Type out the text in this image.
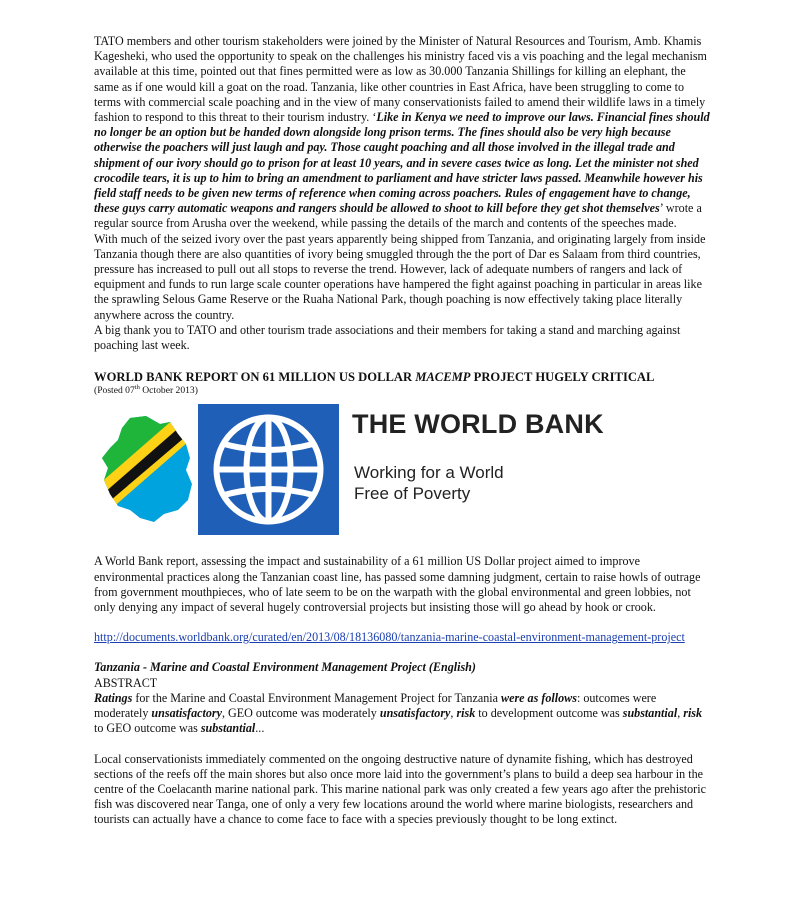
TATO members and other tourism stakeholders were joined by the Minister of Natural Resources and Tourism, Amb. Khamis Kagesheki, who used the opportunity to speak on the challenges his ministry faced vis a vis poaching and the legal mechanism available at this time, pointed out that fines permitted were as low as 30.000 Tanzania Shillings for killing an elephant, the same as if one would kill a goat on the road. Tanzania, like other countries in East Africa, have been struggling to come to terms with commercial scale poaching and in the view of many conservationists failed to amend their wildlife laws in a timely fashion to respond to this threat to their tourism industry. ‘Like in Kenya we need to improve our laws. Financial fines should no longer be an option but be handed down alongside long prison terms. The fines should also be very high because otherwise the poachers will just laugh and pay. Those caught poaching and all those involved in the illegal trade and shipment of our ivory should go to prison for at least 10 years, and in severe cases twice as long. Let the minister not shed crocodile tears, it is up to him to bring an amendment to parliament and have stricter laws passed. Meanwhile however his field staff needs to be given new terms of reference when coming across poachers. Rules of engagement have to change, these guys carry automatic weapons and rangers should be allowed to shoot to kill before they get shot themselves’ wrote a regular source from Arusha over the weekend, while passing the details of the march and contents of the speeches made.

With much of the seized ivory over the past years apparently being shipped from Tanzania, and originating largely from inside Tanzania though there are also quantities of ivory being smuggled through the the port of Dar es Salaam from third countries, pressure has increased to pull out all stops to reverse the trend. However, lack of adequate numbers of rangers and lack of equipment and funds to run large scale counter operations have hampered the fight against poaching in particular in areas like the sprawling Selous Game Reserve or the Ruaha National Park, though poaching is now effectively taking place literally anywhere across the country.

A big thank you to TATO and other tourism trade associations and their members for taking a stand and marching against poaching last week.

WORLD BANK REPORT ON 61 MILLION US DOLLAR MACEMP PROJECT HUGELY CRITICAL

(Posted 07th October 2013)

THE WORLD BANK
Working for a World
Free of Poverty

A World Bank report, assessing the impact and sustainability of a 61 million US Dollar project aimed to improve environmental practices along the Tanzanian coast line, has passed some damning judgment, certain to raise howls of outrage from government mouthpieces, who of late seem to be on the warpath with the global environmental and green lobbies, not only denying any impact of several hugely controversial projects but insisting those will go ahead by hook or crook.

http://documents.worldbank.org/curated/en/2013/08/18136080/tanzania-marine-coastal-environment-management-project

Tanzania - Marine and Coastal Environment Management Project (English)

ABSTRACT

Ratings for the Marine and Coastal Environment Management Project for Tanzania were as follows: outcomes were moderately unsatisfactory, GEO outcome was moderately unsatisfactory, risk to development outcome was substantial, risk to GEO outcome was substantial...

Local conservationists immediately commented on the ongoing destructive nature of dynamite fishing, which has destroyed sections of the reefs off the main shores but also once more laid into the government’s plans to build a deep sea harbour in the centre of the Coelacanth marine national park. This marine national park was only created a few years ago after the prehistoric fish was discovered near Tanga, one of only a very few locations around the world where marine biologists, researchers and tourists can actually have a chance to come face to face with a species previously thought to be long extinct.
